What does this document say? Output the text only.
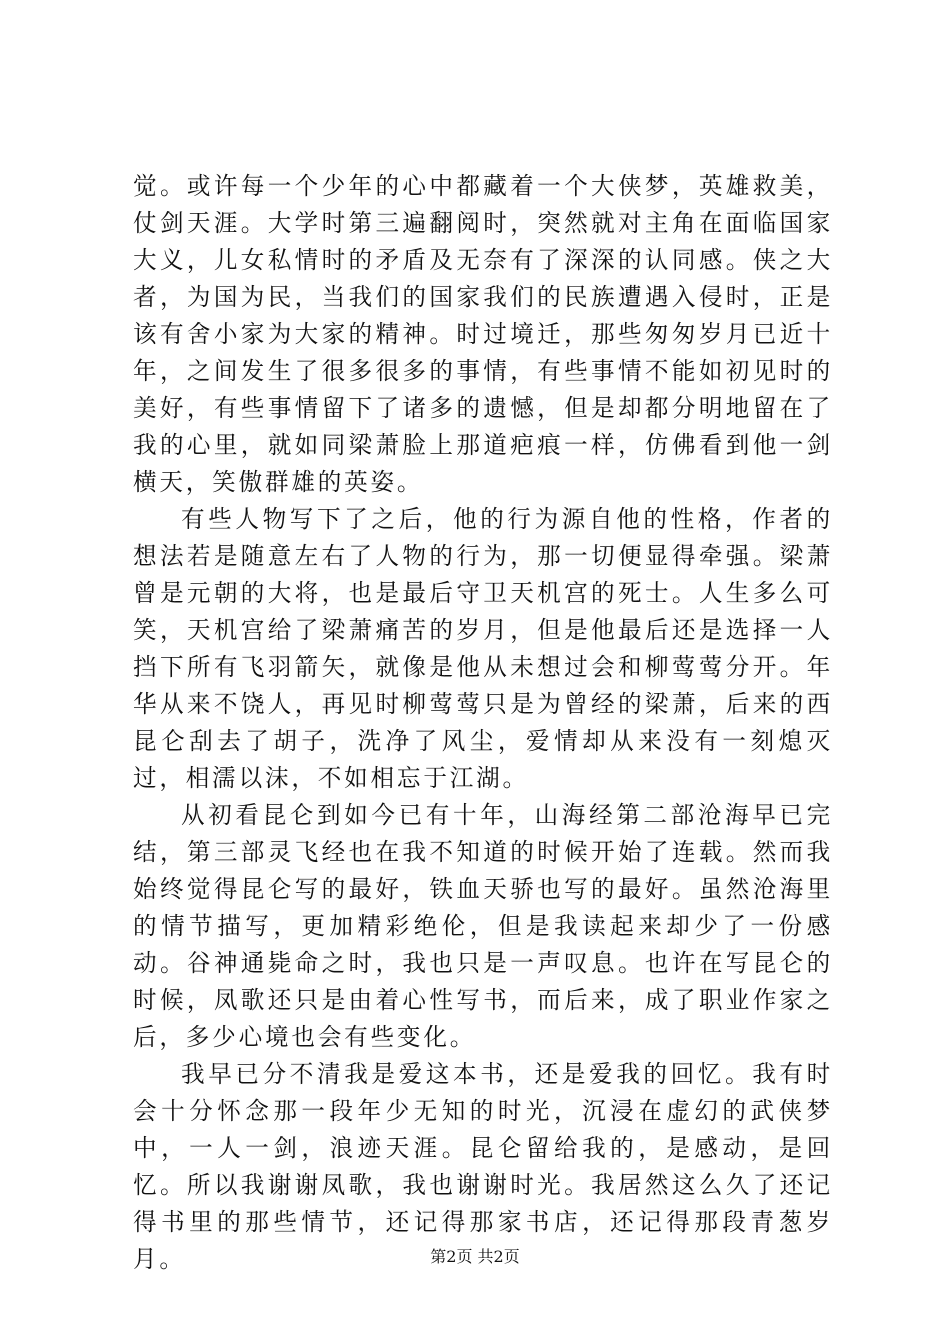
觉。或许每一个少年的心中都藏着一个大侠梦，英雄救美，仗剑天涯。大学时第三遍翻阅时，突然就对主角在面临国家大义，儿女私情时的矛盾及无奈有了深深的认同感。侠之大者，为国为民，当我们的国家我们的民族遭遇入侵时，正是该有舍小家为大家的精神。时过境迁，那些匆匆岁月已近十年，之间发生了很多很多的事情，有些事情不能如初见时的美好，有些事情留下了诸多的遗憾，但是却都分明地留在了我的心里，就如同梁萧脸上那道疤痕一样，仿佛看到他一剑横天，笑傲群雄的英姿。

有些人物写下了之后，他的行为源自他的性格，作者的想法若是随意左右了人物的行为，那一切便显得牵强。梁萧曾是元朝的大将，也是最后守卫天机宫的死士。人生多么可笑，天机宫给了梁萧痛苦的岁月，但是他最后还是选择一人挡下所有飞羽箭矢，就像是他从未想过会和柳莺莺分开。年华从来不饶人，再见时柳莺莺只是为曾经的梁萧，后来的西昆仑刮去了胡子，洗净了风尘，爱情却从来没有一刻熄灭过，相濡以沫，不如相忘于江湖。

从初看昆仑到如今已有十年，山海经第二部沧海早已完结，第三部灵飞经也在我不知道的时候开始了连载。然而我始终觉得昆仑写的最好，铁血天骄也写的最好。虽然沧海里的情节描写，更加精彩绝伦，但是我读起来却少了一份感动。谷神通毙命之时，我也只是一声叹息。也许在写昆仑的时候，凤歌还只是由着心性写书，而后来，成了职业作家之后，多少心境也会有些变化。

我早已分不清我是爱这本书，还是爱我的回忆。我有时会十分怀念那一段年少无知的时光，沉浸在虚幻的武侠梦中，一人一剑，浪迹天涯。昆仑留给我的，是感动，是回忆。所以我谢谢凤歌，我也谢谢时光。我居然这么久了还记得书里的那些情节，还记得那家书店，还记得那段青葱岁月。	第2页 共2页
